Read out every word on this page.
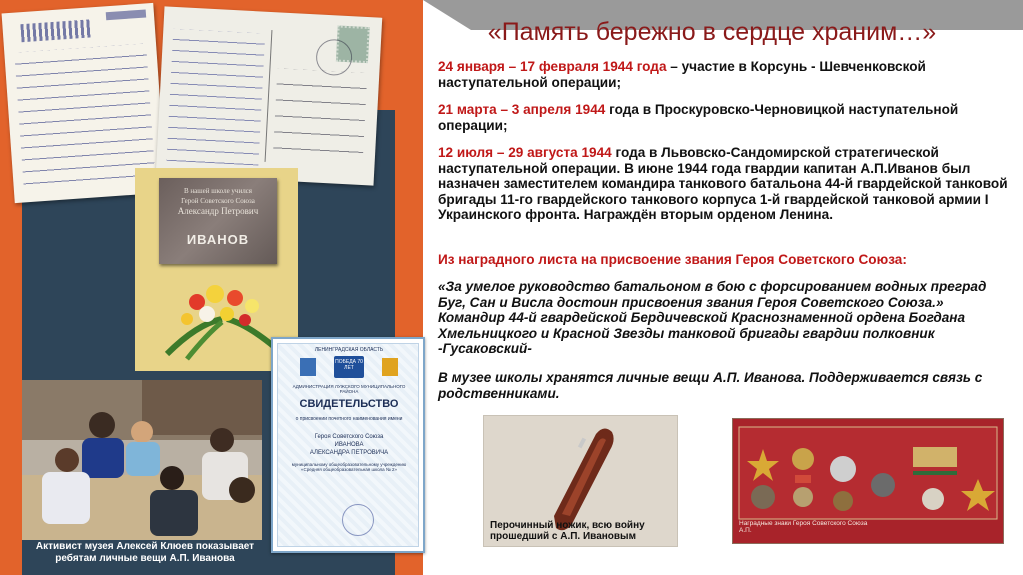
В нашей школе учился
Герой Советского Союза
Александр Петрович
ИВАНОВ
Активист музея Алексей Клюев показывает ребятам личные вещи А.П. Иванова
ЛЕНИНГРАДСКАЯ ОБЛАСТЬ
ПОБЕДА 70 ЛЕТ
АДМИНИСТРАЦИЯ ЛУЖСКОГО МУНИЦИПАЛЬНОГО РАЙОНА
СВИДЕТЕЛЬСТВО
о присвоении почетного наименования имени
Героя Советского Союза
ИВАНОВА
АЛЕКСАНДРА ПЕТРОВИЧА
муниципальному общеобразовательному учреждению «Средняя общеобразовательная школа № 2»
«Память бережно в сердце храним…»
24 января – 17 февраля 1944 года – участие в Корсунь - Шевченковской наступательной операции;
21 марта – 3 апреля 1944 года в Проскуровско-Черновицкой наступательной операции;
12 июля – 29 августа 1944 года в Львовско-Сандомирской стратегической наступательной операции. В июне 1944 года гвардии капитан А.П.Иванов был назначен заместителем командира танкового батальона 44-й гвардейской танковой бригады 11-го гвардейского танкового корпуса 1-й гвардейской танковой армии I Украинского фронта. Награждён вторым орденом Ленина.
Из наградного листа на присвоение звания Героя Советского Союза:
«За умелое руководство батальоном в бою с форсированием водных преград Буг, Сан и Висла достоин присвоения звания Героя Советского Союза.» Командир 44-й гвардейской Бердичевской Краснознаменной ордена Богдана Хмельницкого и Красной Звезды танковой бригады гвардии полковник -Гусаковский-
В музее школы хранятся личные вещи А.П. Иванова. Поддерживается связь с родственниками.
Перочинный ножик, всю войну прошедший с А.П. Ивановым
Наградные знаки Героя Советского Союза А.П.
